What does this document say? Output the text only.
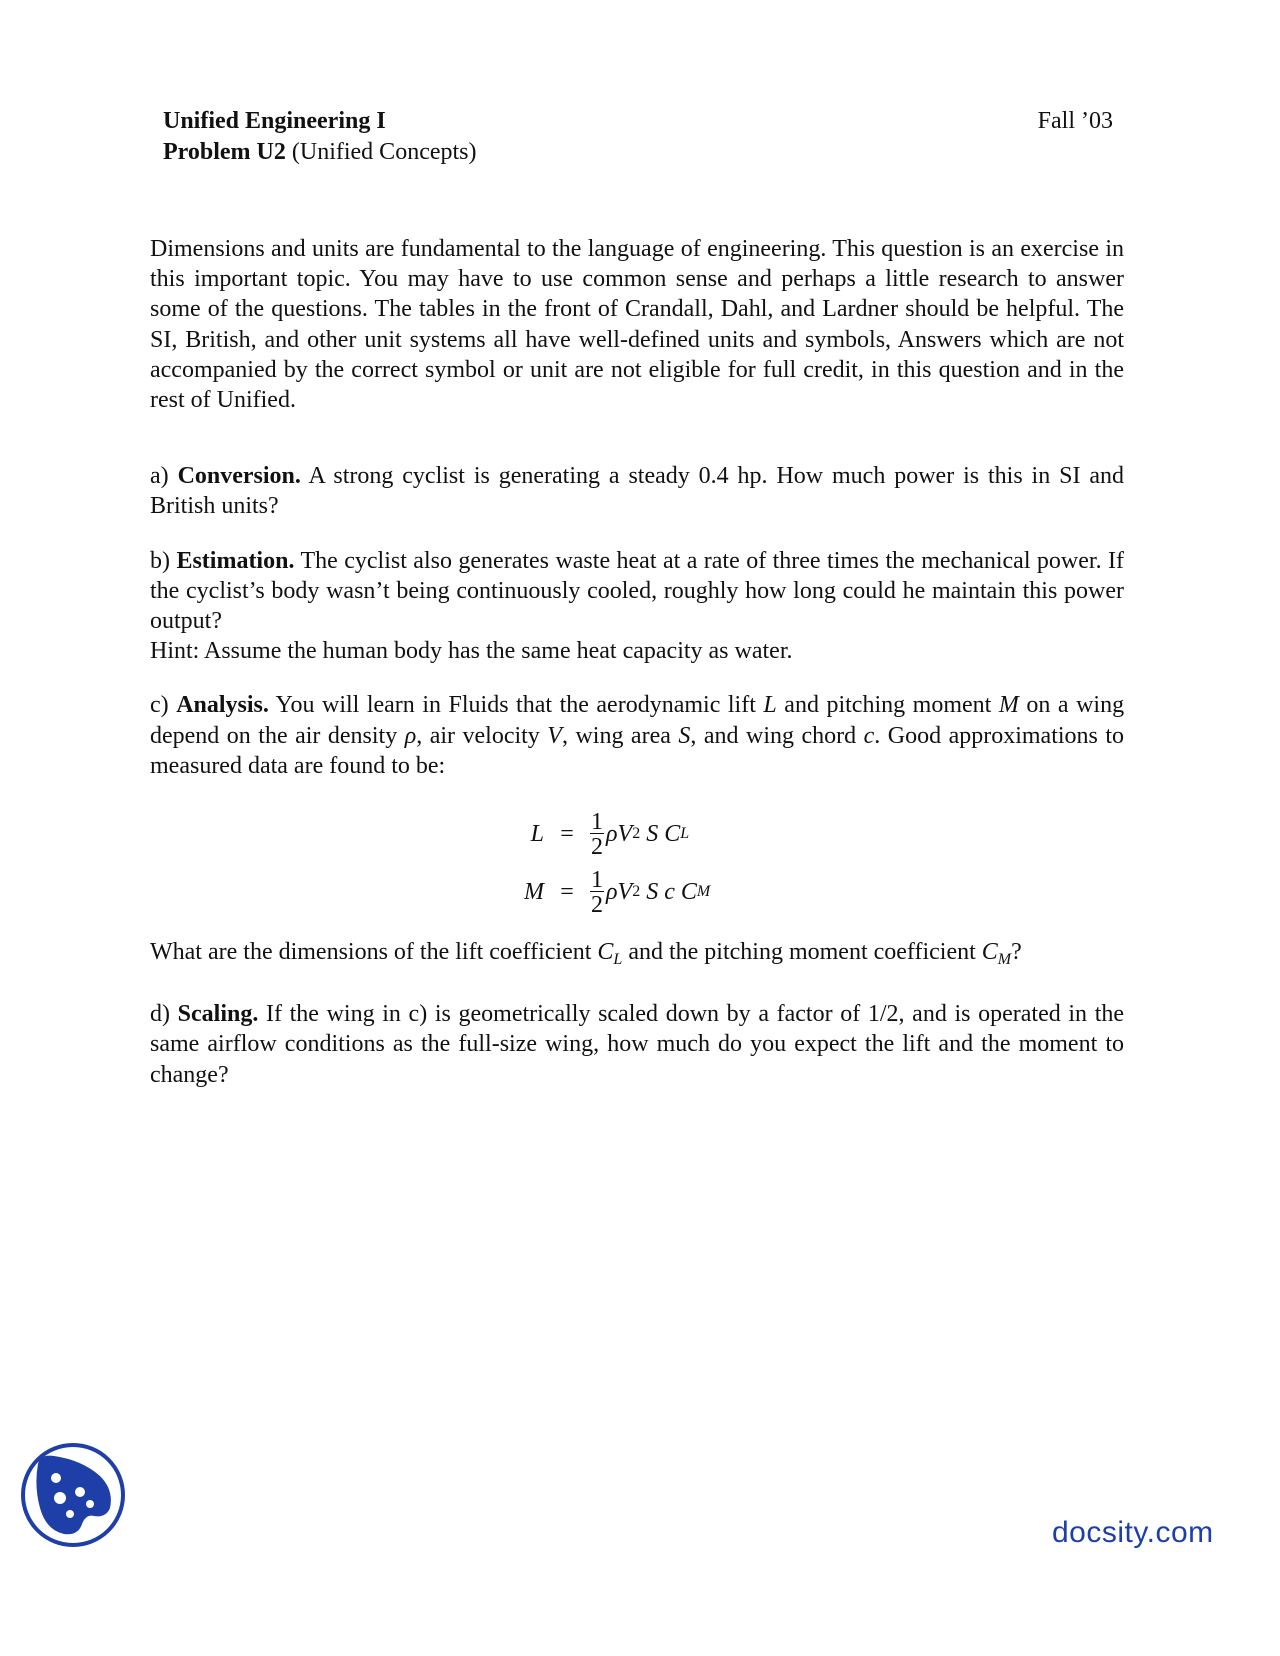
Unified Engineering I	Fall ’03
Problem U2 (Unified Concepts)

Dimensions and units are fundamental to the language of engineering. This question is an exercise in this important topic. You may have to use common sense and perhaps a little research to answer some of the questions. The tables in the front of Crandall, Dahl, and Lardner should be helpful. The SI, British, and other unit systems all have well-defined units and symbols, Answers which are not accompanied by the correct symbol or unit are not eligible for full credit, in this question and in the rest of Unified.

a) Conversion. A strong cyclist is generating a steady 0.4 hp. How much power is this in SI and British units?

b) Estimation. The cyclist also generates waste heat at a rate of three times the mechanical power. If the cyclist’s body wasn’t being continuously cooled, roughly how long could he maintain this power output?

Hint: Assume the human body has the same heat capacity as water.

c) Analysis. You will learn in Fluids that the aerodynamic lift L and pitching moment M on a wing depend on the air density ρ, air velocity V, wing area S, and wing chord c. Good approximations to measured data are found to be:

$L = \frac{1}{2}$ ρ V 2
S C L
$M = \frac{1}{2}$ ρ V 2
S c C M

What are the dimensions of the lift coefficient $C_L$ and the pitching moment coefficient $C_M$?

d) Scaling. If the wing in c) is geometrically scaled down by a factor of 1/2, and is operated in the same airflow conditions as the full-size wing, how much do you expect the lift and the moment to change?

docsity.com
